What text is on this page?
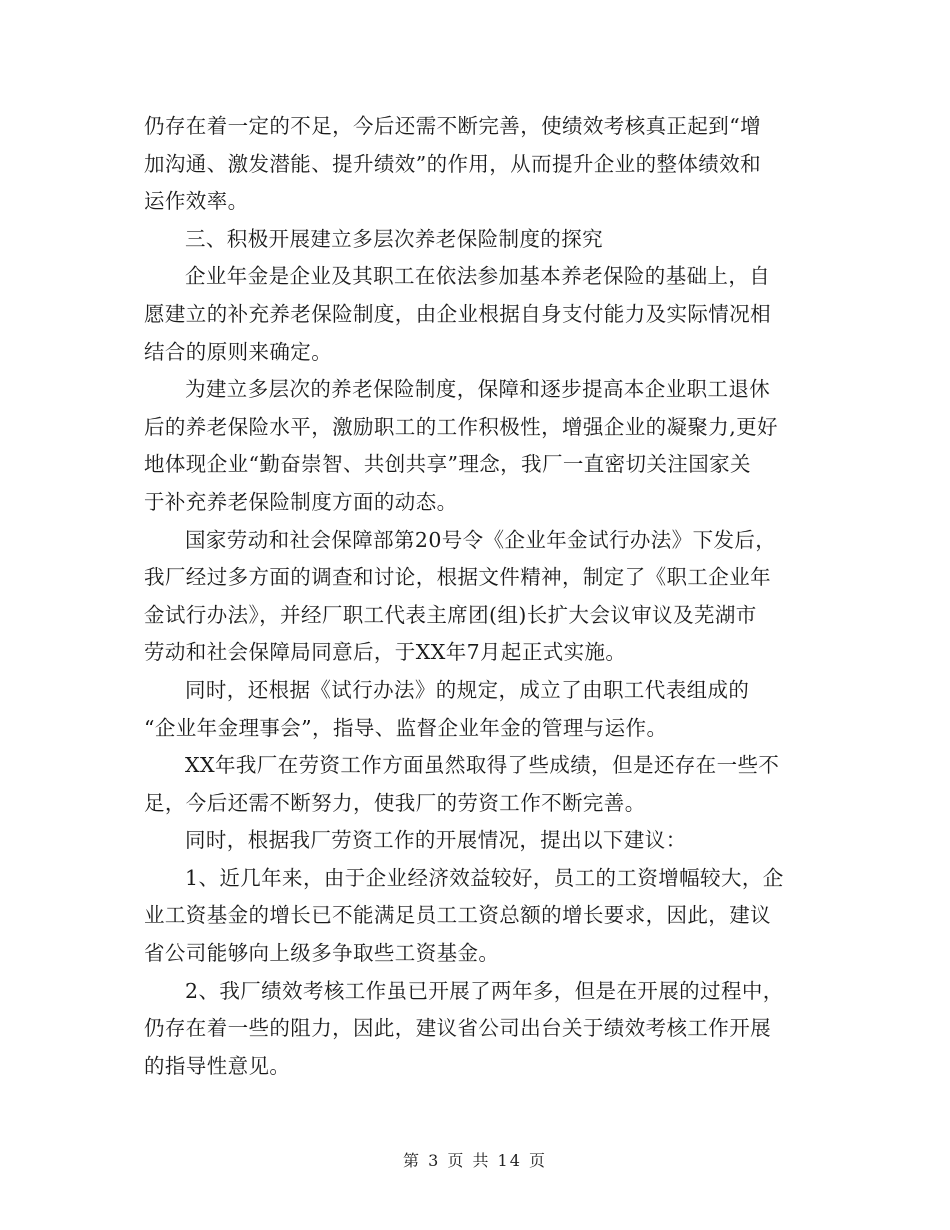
仍存在着一定的不足，今后还需不断完善，使绩效考核真正起到“增
加沟通、激发潜能、提升绩效”的作用，从而提升企业的整体绩效和
运作效率。
三、积极开展建立多层次养老保险制度的探究
企业年金是企业及其职工在依法参加基本养老保险的基础上，自
愿建立的补充养老保险制度，由企业根据自身支付能力及实际情况相
结合的原则来确定。
为建立多层次的养老保险制度，保障和逐步提高本企业职工退休
后的养老保险水平，激励职工的工作积极性，增强企业的凝聚力,更好
地体现企业“勤奋崇智、共创共享”理念，我厂一直密切关注国家关
于补充养老保险制度方面的动态。
国家劳动和社会保障部第20号令《企业年金试行办法》下发后，
我厂经过多方面的调查和讨论，根据文件精神，制定了《职工企业年
金试行办法》，并经厂职工代表主席团(组)长扩大会议审议及芜湖市
劳动和社会保障局同意后，于XX年7月起正式实施。
同时，还根据《试行办法》的规定，成立了由职工代表组成的
“企业年金理事会”，指导、监督企业年金的管理与运作。
XX年我厂在劳资工作方面虽然取得了些成绩，但是还存在一些不
足，今后还需不断努力，使我厂的劳资工作不断完善。
同时，根据我厂劳资工作的开展情况，提出以下建议：
1、近几年来，由于企业经济效益较好，员工的工资增幅较大，企
业工资基金的增长已不能满足员工工资总额的增长要求，因此，建议
省公司能够向上级多争取些工资基金。
2、我厂绩效考核工作虽已开展了两年多，但是在开展的过程中，
仍存在着一些的阻力，因此，建议省公司出台关于绩效考核工作开展
的指导性意见。
第 3 页 共 14 页
